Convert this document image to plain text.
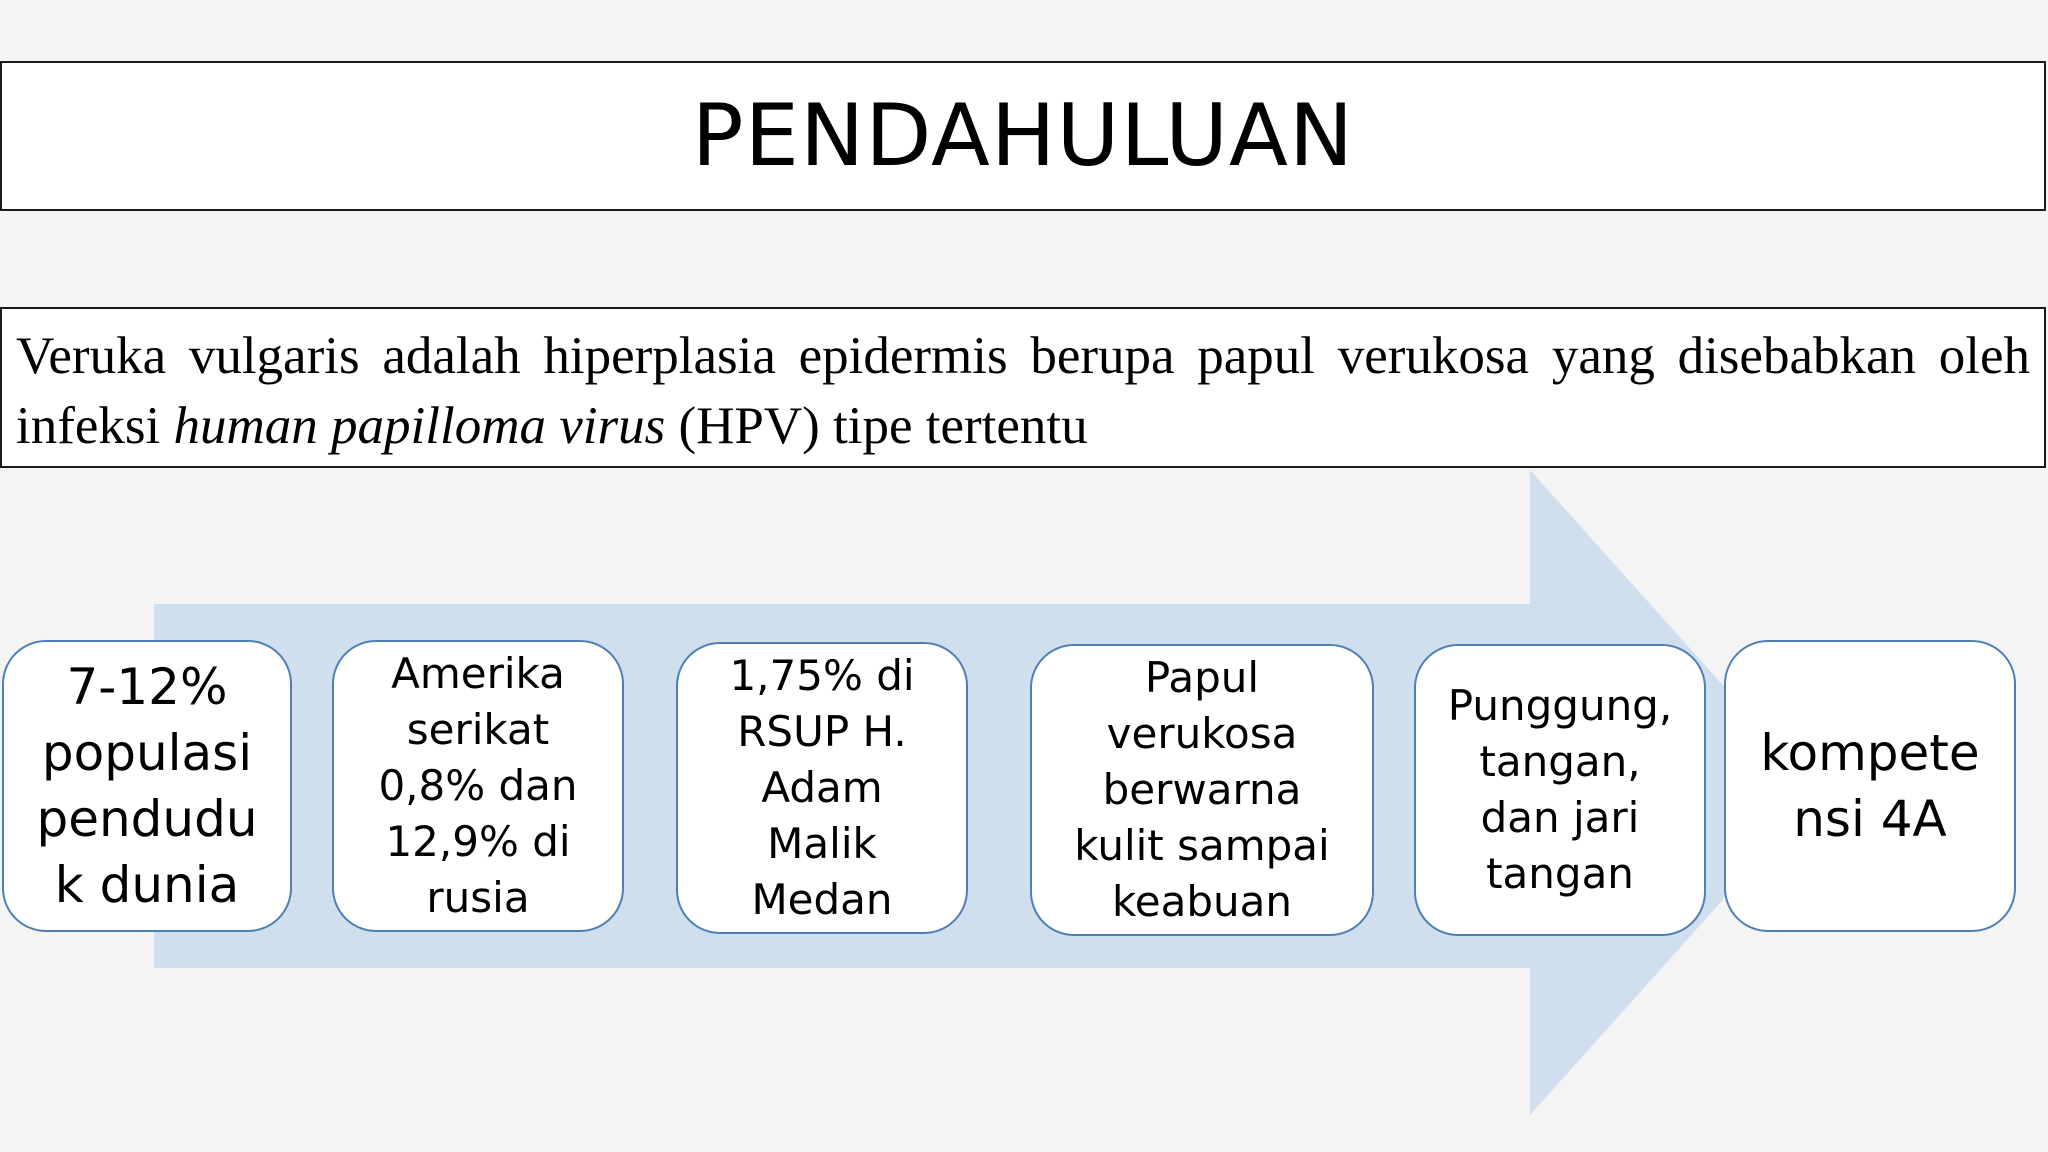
PENDAHULUAN
Veruka vulgaris adalah hiperplasia epidermis berupa papul verukosa yang disebabkan oleh infeksi human papilloma virus (HPV) tipe tertentu
7-12%
populasi
pendudu
k dunia
Amerika
serikat
0,8% dan
12,9% di
rusia
1,75% di
RSUP H.
Adam
Malik
Medan
Papul
verukosa
berwarna
kulit sampai
keabuan
Punggung,
tangan,
dan jari
tangan
kompete
nsi 4A
